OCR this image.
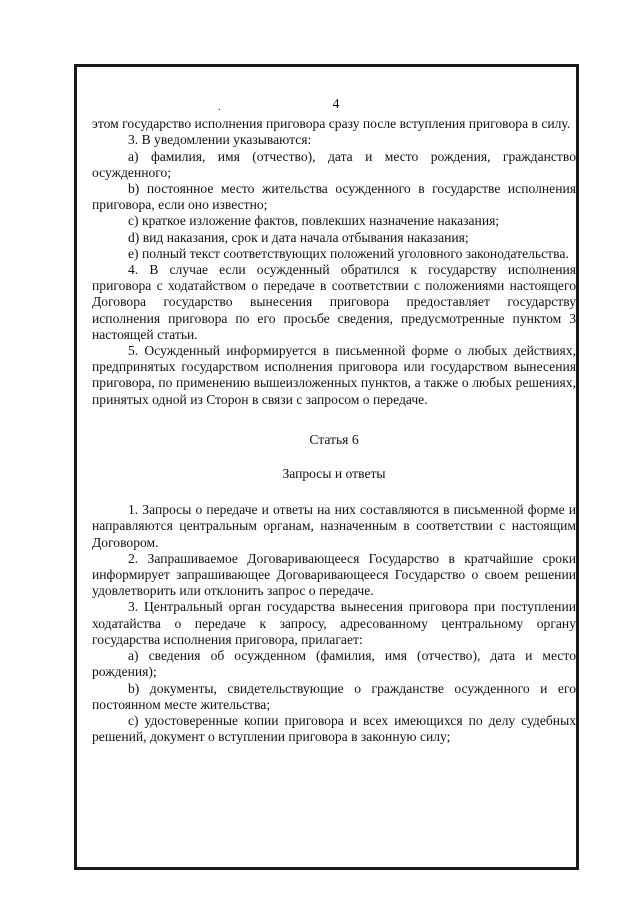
.	4

этом государство исполнения приговора сразу после вступления приговора в силу.

3. В уведомлении указываются:

a) фамилия, имя (отчество), дата и место рождения, гражданство осужденного;

b) постоянное место жительства осужденного в государстве исполнения приговора, если оно известно;

c) краткое изложение фактов, повлекших назначение наказания;

d) вид наказания, срок и дата начала отбывания наказания;

e) полный текст соответствующих положений уголовного законодательства.

4. В случае если осужденный обратился к государству исполнения приговора с ходатайством о передаче в соответствии с положениями настоящего Договора государство вынесения приговора предоставляет государству исполнения приговора по его просьбе сведения, предусмотренные пунктом 3 настоящей статьи.

5. Осужденный информируется в письменной форме о любых действиях, предпринятых государством исполнения приговора или государством вынесения приговора, по применению вышеизложенных пунктов, а также о любых решениях, принятых одной из Сторон в связи с запросом о передаче.

Статья 6

Запросы и ответы

1. Запросы о передаче и ответы на них составляются в письменной форме и направляются центральным органам, назначенным в соответствии с настоящим Договором.

2. Запрашиваемое Договаривающееся Государство в кратчайшие сроки информирует запрашивающее Договаривающееся Государство о своем решении удовлетворить или отклонить запрос о передаче.

3. Центральный орган государства вынесения приговора при поступлении ходатайства о передаче к запросу, адресованному центральному органу государства исполнения приговора, прилагает:

a) сведения об осужденном (фамилия, имя (отчество), дата и место рождения);

b) документы, свидетельствующие о гражданстве осужденного и его постоянном месте жительства;

c) удостоверенные копии приговора и всех имеющихся по делу судебных решений, документ о вступлении приговора в законную силу;
